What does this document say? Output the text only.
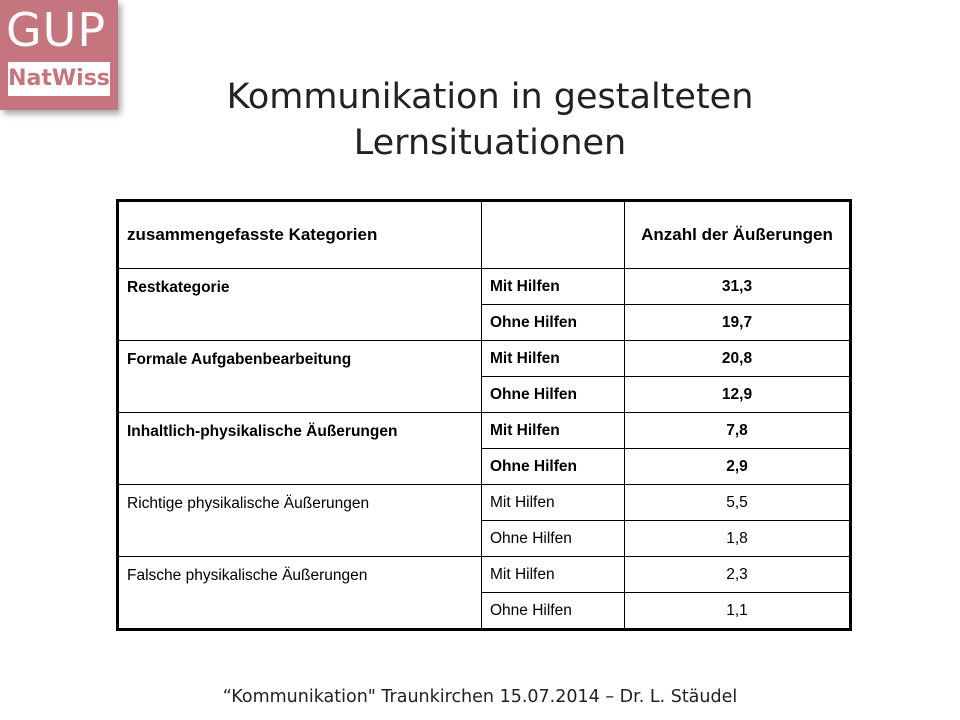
GUP
NatWiss	Kommunikation in gestalteten
Lernsituationen
zusammengefasste Kategorien		Anzahl der Äußerungen
Restkategorie	Mit Hilfen	31,3
	Ohne Hilfen	19,7
Formale Aufgabenbearbeitung	Mit Hilfen	20,8
	Ohne Hilfen	12,9
Inhaltlich-physikalische Äußerungen	Mit Hilfen	7,8
	Ohne Hilfen	2,9
Richtige physikalische Äußerungen	Mit Hilfen	5,5
	Ohne Hilfen	1,8
Falsche physikalische Äußerungen	Mit Hilfen	2,3
	Ohne Hilfen	1,1
“Kommunikation" Traunkirchen 15.07.2014 – Dr. L. Stäudel
